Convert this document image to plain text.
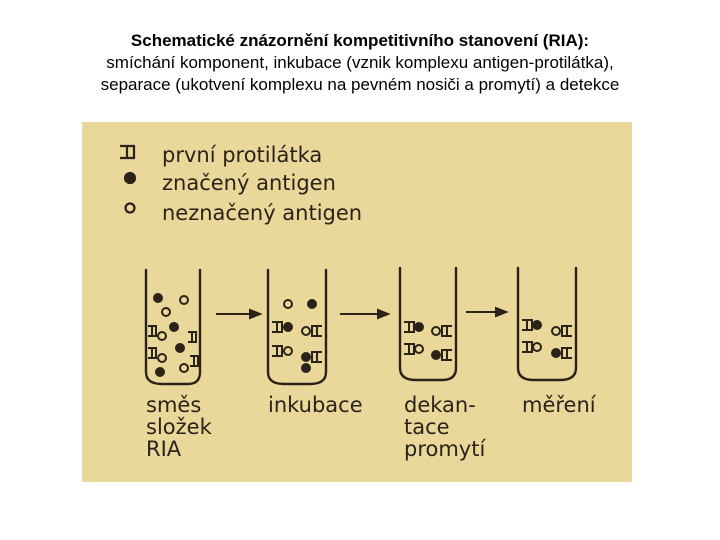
Schematické znázornění kompetitivního stanovení (RIA):
smíchání komponent, inkubace (vznik komplexu antigen-protilátka),
separace (ukotvení komplexu na pevném nosiči a promytí) a detekce
první protilátka
značený antigen
neznačený antigen
směs
složek
RIA
inkubace dekan-
tace
promytí
měření
